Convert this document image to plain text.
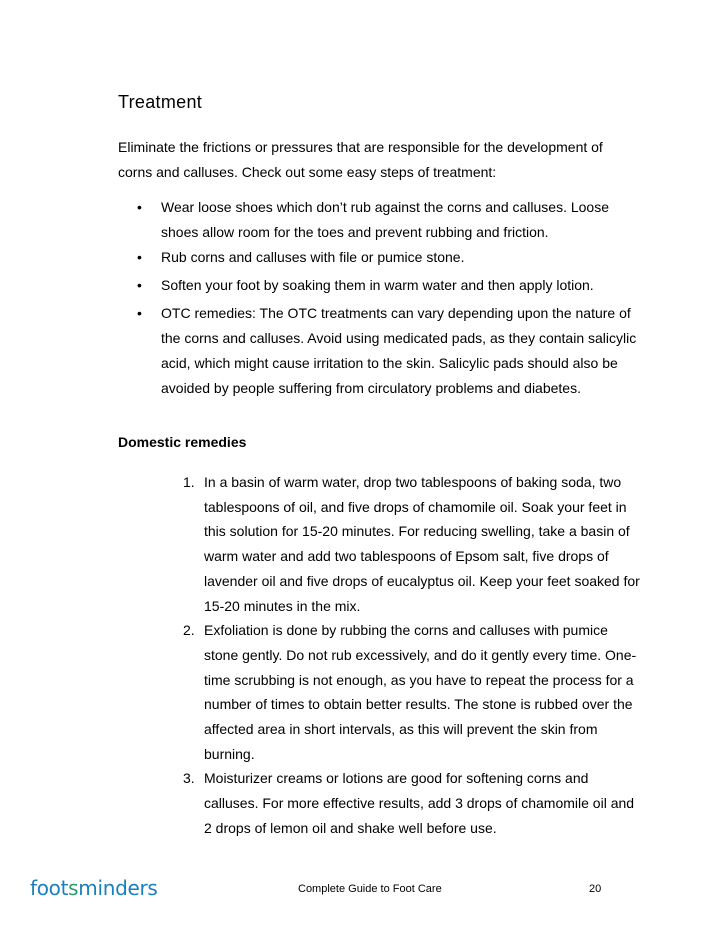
Treatment
Eliminate the frictions or pressures that are responsible for the development of corns and calluses. Check out some easy steps of treatment:
• Wear loose shoes which don’t rub against the corns and calluses. Loose shoes allow room for the toes and prevent rubbing and friction.
• Rub corns and calluses with file or pumice stone.
• Soften your foot by soaking them in warm water and then apply lotion.
• OTC remedies: The OTC treatments can vary depending upon the nature of the corns and calluses. Avoid using medicated pads, as they contain salicylic acid, which might cause irritation to the skin. Salicylic pads should also be avoided by people suffering from circulatory problems and diabetes.
Domestic remedies
1. In a basin of warm water, drop two tablespoons of baking soda, two tablespoons of oil, and five drops of chamomile oil. Soak your feet in this solution for 15-20 minutes. For reducing swelling, take a basin of warm water and add two tablespoons of Epsom salt, five drops of lavender oil and five drops of eucalyptus oil. Keep your feet soaked for 15-20 minutes in the mix.
2. Exfoliation is done by rubbing the corns and calluses with pumice stone gently. Do not rub excessively, and do it gently every time. One-time scrubbing is not enough, as you have to repeat the process for a number of times to obtain better results. The stone is rubbed over the affected area in short intervals, as this will prevent the skin from burning.
3. Moisturizer creams or lotions are good for softening corns and calluses. For more effective results, add 3 drops of chamomile oil and 2 drops of lemon oil and shake well before use.
footsminders	Complete Guide to Foot Care	20
